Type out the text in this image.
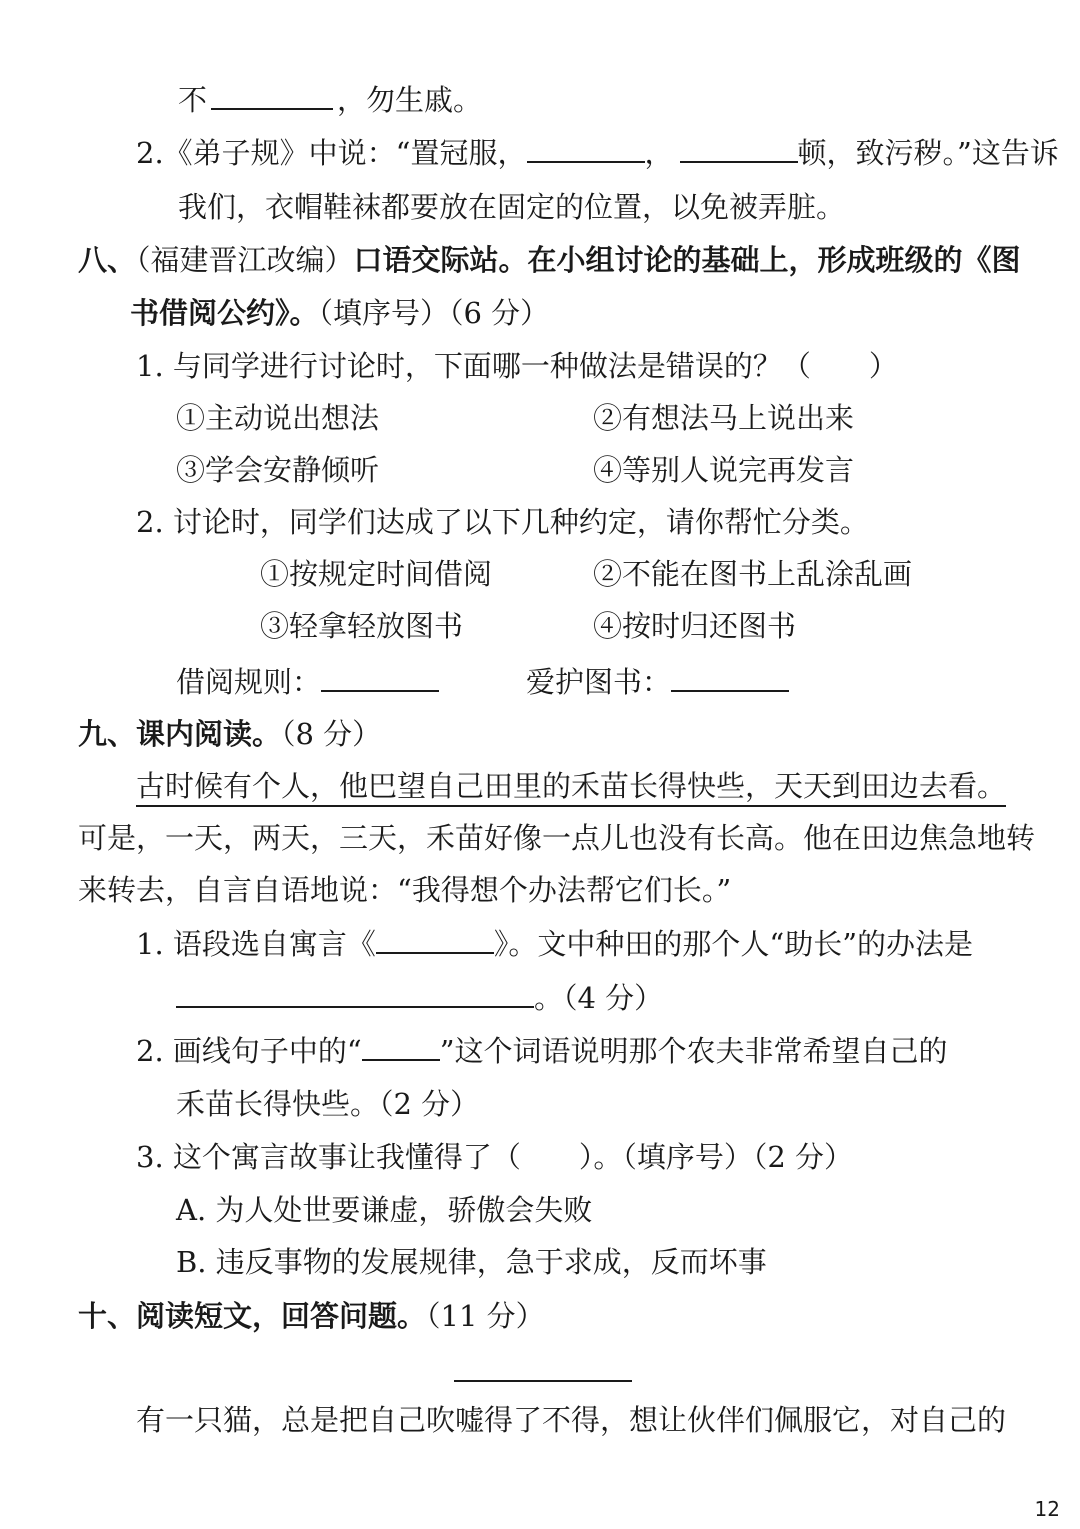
不	，勿生戚。
2.《弟子规》中说：“置冠服，	，	顿，致污秽。”这告诉
我们，衣帽鞋袜都要放在固定的位置，以免被弄脏。
八、（福建晋江改编）口语交际站。在小组讨论的基础上，形成班级的《图
书借阅公约》。（填序号）（6 分）
1. 与同学进行讨论时，下面哪一种做法是错误的？（　　）
①主动说出想法	②有想法马上说出来
③学会安静倾听	④等别人说完再发言
2. 讨论时，同学们达成了以下几种约定，请你帮忙分类。
①按规定时间借阅	②不能在图书上乱涂乱画
③轻拿轻放图书	④按时归还图书
借阅规则：	爱护图书：
九、课内阅读。（8 分）
古时候有个人，他巴望自己田里的禾苗长得快些，天天到田边去看。
可是，一天，两天，三天，禾苗好像一点儿也没有长高。他在田边焦急地转
来转去，自言自语地说：“我得想个办法帮它们长。”
1. 语段选自寓言《	》。文中种田的那个人“助长”的办法是
。（4 分）
2. 画线句子中的“	”这个词语说明那个农夫非常希望自己的
禾苗长得快些。（2 分）
3. 这个寓言故事让我懂得了（　　）。（填序号）（2 分）
A. 为人处世要谦虚，骄傲会失败
B. 违反事物的发展规律，急于求成，反而坏事
十、阅读短文，回答问题。（11 分）
有一只猫，总是把自己吹嘘得了不得，想让伙伴们佩服它，对自己的
12
